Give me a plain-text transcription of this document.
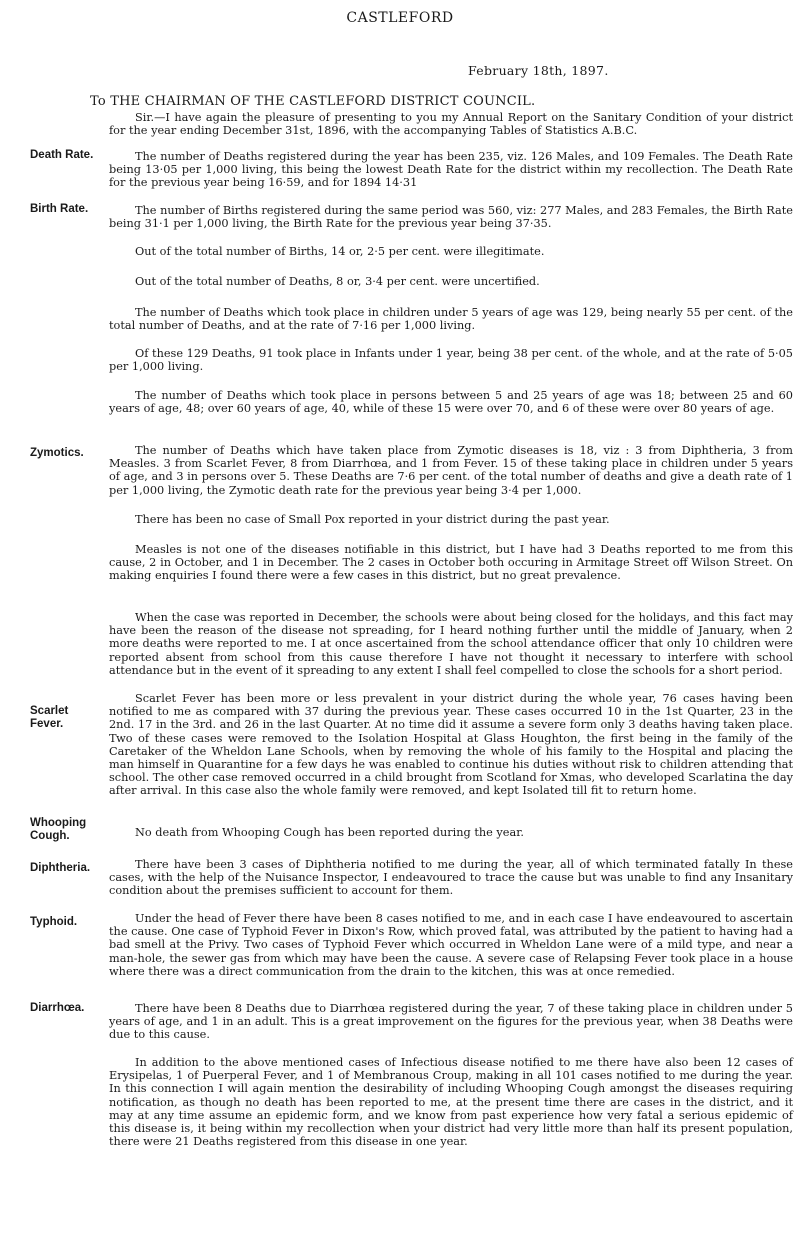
CASTLEFORD
February 18th, 1897.
To THE CHAIRMAN OF THE CASTLEFORD DISTRICT COUNCIL.

Sir.—I have again the pleasure of presenting to you my Annual Report on the Sanitary Condition of your district for the year ending December 31st, 1896, with the accompanying Tables of Statistics A.B.C.

Death Rate.	The number of Deaths registered during the year has been 235, viz. 126 Males, and 109 Females. The Death Rate being 13·05 per 1,000 living, this being the lowest Death Rate for the district within my recollection. The Death Rate for the previous year being 16·59, and for 1894 14·31

Birth Rate.	The number of Births registered during the same period was 560, viz: 277 Males, and 283 Females, the Birth Rate being 31·1 per 1,000 living, the Birth Rate for the previous year being 37·35.

Out of the total number of Births, 14 or, 2·5 per cent. were illegitimate.

Out of the total number of Deaths, 8 or, 3·4 per cent. were uncertified.

The number of Deaths which took place in children under 5 years of age was 129, being nearly 55 per cent. of the total number of Deaths, and at the rate of 7·16 per 1,000 living.

Of these 129 Deaths, 91 took place in Infants under 1 year, being 38 per cent. of the whole, and at the rate of 5·05 per 1,000 living.

The number of Deaths which took place in persons between 5 and 25 years of age was 18; between 25 and 60 years of age, 48; over 60 years of age, 40, while of these 15 were over 70, and 6 of these were over 80 years of age.

Zymotics.	The number of Deaths which have taken place from Zymotic diseases is 18, viz : 3 from Diphtheria, 3 from Measles. 3 from Scarlet Fever, 8 from Diarrhœa, and 1 from Fever. 15 of these taking place in children under 5 years of age, and 3 in persons over 5. These Deaths are 7·6 per cent. of the total number of deaths and give a death rate of 1 per 1,000 living, the Zymotic death rate for the previous year being 3·4 per 1,000.

There has been no case of Small Pox reported in your district during the past year.

Measles is not one of the diseases notifiable in this district, but I have had 3 Deaths reported to me from this cause, 2 in October, and 1 in December. The 2 cases in October both occuring in Armitage Street off Wilson Street. On making enquiries I found there were a few cases in this district, but no great prevalence.

When the case was reported in December, the schools were about being closed for the holidays, and this fact may have been the reason of the disease not spreading, for I heard nothing further until the middle of January, when 2 more deaths were reported to me. I at once ascertained from the school attendance officer that only 10 children were reported absent from school from this cause therefore I have not thought it necessary to interfere with school attendance but in the event of it spreading to any extent I shall feel compelled to close the schools for a short period.

Scarlet Fever.

Scarlet Fever has been more or less prevalent in your district during the whole year, 76 cases having been notified to me as compared with 37 during the previous year. These cases occurred 10 in the 1st Quarter, 23 in the 2nd. 17 in the 3rd. and 26 in the last Quarter. At no time did it assume a severe form only 3 deaths having taken place. Two of these cases were removed to the Isolation Hospital at Glass Houghton, the first being in the family of the Caretaker of the Wheldon Lane Schools, when by removing the whole of his family to the Hospital and placing the man himself in Quarantine for a few days he was enabled to continue his duties without risk to children attending that school. The other case removed occurred in a child brought from Scotland for Xmas, who developed Scarlatina the day after arrival. In this case also the whole family were removed, and kept Isolated till fit to return home.

Whooping Cough.	No death from Whooping Cough has been reported during the year.

Diphtheria.	There have been 3 cases of Diphtheria notified to me during the year, all of which terminated fatally In these cases, with the help of the Nuisance Inspector, I endeavoured to trace the cause but was unable to find any Insanitary condition about the premises sufficient to account for them.

Typhoid.	Under the head of Fever there have been 8 cases notified to me, and in each case I have endeavoured to ascertain the cause. One case of Typhoid Fever in Dixon's Row, which proved fatal, was attributed by the patient to having had a bad smell at the Privy. Two cases of Typhoid Fever which occurred in Wheldon Lane were of a mild type, and near a man-hole, the sewer gas from which may have been the cause. A severe case of Relapsing Fever took place in a house where there was a direct communication from the drain to the kitchen, this was at once remedied.

Diarrhœa.	There have been 8 Deaths due to Diarrhœa registered during the year, 7 of these taking place in children under 5 years of age, and 1 in an adult. This is a great improvement on the figures for the previous year, when 38 Deaths were due to this cause.

In addition to the above mentioned cases of Infectious disease notified to me there have also been 12 cases of Erysipelas, 1 of Puerperal Fever, and 1 of Membranous Croup, making in all 101 cases notified to me during the year. In this connection I will again mention the desirability of including Whooping Cough amongst the diseases requiring notification, as though no death has been reported to me, at the present time there are cases in the district, and it may at any time assume an epidemic form, and we know from past experience how very fatal a serious epidemic of this disease is, it being within my recollection when your district had very little more than half its present population, there were 21 Deaths registered from this disease in one year.
